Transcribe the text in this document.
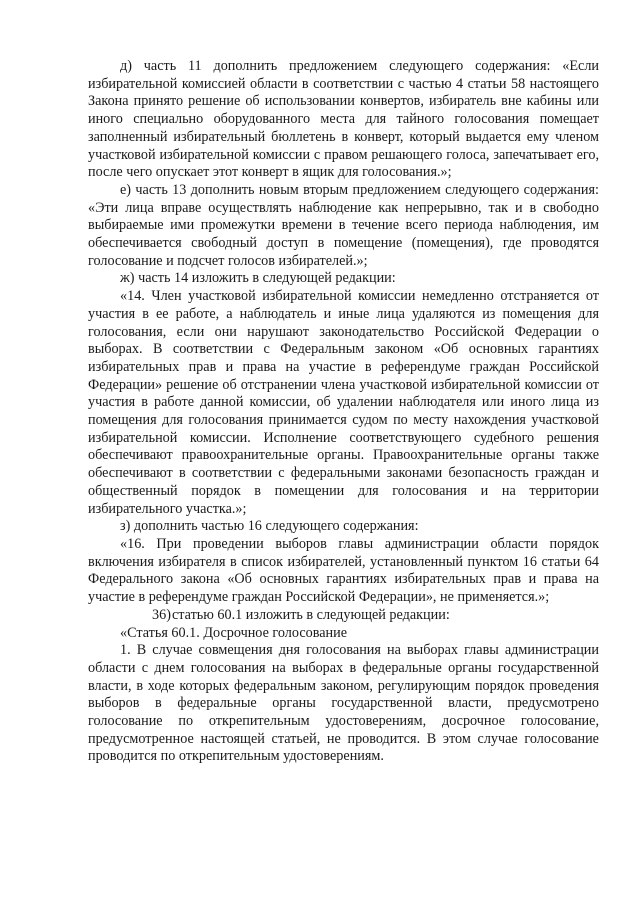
д) часть 11 дополнить предложением следующего содержания: «Если избирательной комиссией области в соответствии с частью 4 статьи 58 настоящего Закона принято решение об использовании конвертов, избиратель вне кабины или иного специально оборудованного места для тайного голосования помещает заполненный избирательный бюллетень в конверт, который выдается ему членом участковой избирательной комиссии с правом решающего голоса, запечатывает его, после чего опускает этот конверт в ящик для голосования.»;

е) часть 13 дополнить новым вторым предложением следующего содержания: «Эти лица вправе осуществлять наблюдение как непрерывно, так и в свободно выбираемые ими промежутки времени в течение всего периода наблюдения, им обеспечивается свободный доступ в помещение (помещения), где проводятся голосование и подсчет голосов избирателей.»;

ж) часть 14 изложить в следующей редакции:

«14. Член участковой избирательной комиссии немедленно отстраняется от участия в ее работе, а наблюдатель и иные лица удаляются из помещения для голосования, если они нарушают законодательство Российской Федерации о выборах. В соответствии с Федеральным законом «Об основных гарантиях избирательных прав и права на участие в референдуме граждан Российской Федерации» решение об отстранении члена участковой избирательной комиссии от участия в работе данной комиссии, об удалении наблюдателя или иного лица из помещения для голосования принимается судом по месту нахождения участковой избирательной комиссии. Исполнение соответствующего судебного решения обеспечивают правоохранительные органы. Правоохранительные органы также обеспечивают в соответствии с федеральными законами безопасность граждан и общественный порядок в помещении для голосования и на территории избирательного участка.»;

з) дополнить частью 16 следующего содержания:

«16. При проведении выборов главы администрации области порядок включения избирателя в список избирателей, установленный пунктом 16 статьи 64 Федерального закона «Об основных гарантиях избирательных прав и права на участие в референдуме граждан Российской Федерации», не применяется.»;

36)статью 60.1 изложить в следующей редакции:

«Статья 60.1. Досрочное голосование

1. В случае совмещения дня голосования на выборах главы администрации области с днем голосования на выборах в федеральные органы государственной власти, в ходе которых федеральным законом, регулирующим порядок проведения выборов в федеральные органы государственной власти, предусмотрено голосование по открепительным удостоверениям, досрочное голосование, предусмотренное настоящей статьей, не проводится. В этом случае голосование проводится по открепительным удостоверениям.
